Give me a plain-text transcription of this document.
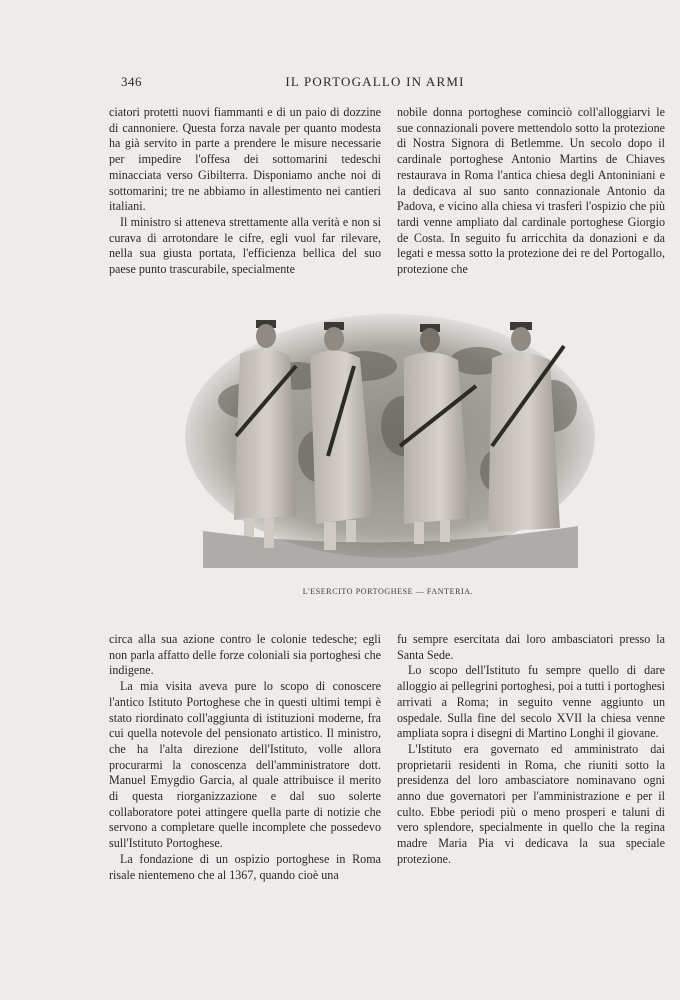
346	IL PORTOGALLO IN ARMI

ciatori protetti nuovi fiammanti e di un paio di dozzine di cannoniere. Questa forza navale per quanto modesta ha già servito in parte a prendere le misure necessarie per impedire l'offesa dei sottomarini tedeschi minacciata verso Gibilterra. Disponiamo anche noi di sottomarini; tre ne abbiamo in allestimento nei cantieri italiani.

Il ministro si atteneva strettamente alla verità e non si curava di arrotondare le cifre, egli vuol far rilevare, nella sua giusta portata, l'efficienza bellica del suo paese punto trascurabile, specialmente

nobile donna portoghese cominciò coll'alloggiarvi le sue connazionali povere mettendolo sotto la protezione di Nostra Signora di Betlemme. Un secolo dopo il cardinale portoghese Antonio Martins de Chiaves restaurava in Roma l'antica chiesa degli Antoniniani e la dedicava al suo santo connazionale Antonio da Padova, e vicino alla chiesa vi trasferì l'ospizio che più tardi venne ampliato dal cardinale portoghese Giorgio de Costa. In seguito fu arricchita da donazioni e da legati e messa sotto la protezione dei re del Portogallo, protezione che

L'ESERCITO PORTOGHESE — FANTERIA.

circa alla sua azione contro le colonie tedesche; egli non parla affatto delle forze coloniali sia portoghesi che indigene.

La mia visita aveva pure lo scopo di conoscere l'antico Istituto Portoghese che in questi ultimi tempi è stato riordinato coll'aggiunta di istituzioni moderne, fra cui quella notevole del pensionato artistico. Il ministro, che ha l'alta direzione dell'Istituto, volle allora procurarmi la conoscenza dell'amministratore dott. Manuel Emygdio Garcia, al quale attribuisce il merito di questa riorganizzazione e dal suo solerte collaboratore potei attingere quella parte di notizie che servono a completare quelle incomplete che possedevo sull'Istituto Portoghese.

La fondazione di un ospizio portoghese in Roma risale nientemeno che al 1367, quando cioè una

fu sempre esercitata dai loro ambasciatori presso la Santa Sede.

Lo scopo dell'Istituto fu sempre quello di dare alloggio ai pellegrini portoghesi, poi a tutti i portoghesi arrivati a Roma; in seguito venne aggiunto un ospedale. Sulla fine del secolo XVII la chiesa venne ampliata sopra i disegni di Martino Longhi il giovane.

L'Istituto era governato ed amministrato dai proprietarii residenti in Roma, che riuniti sotto la presidenza del loro ambasciatore nominavano ogni anno due governatori per l'amministrazione e per il culto. Ebbe periodi più o meno prosperi e taluni di vero splendore, specialmente in quello che la regina madre Maria Pia vi dedicava la sua speciale protezione.
